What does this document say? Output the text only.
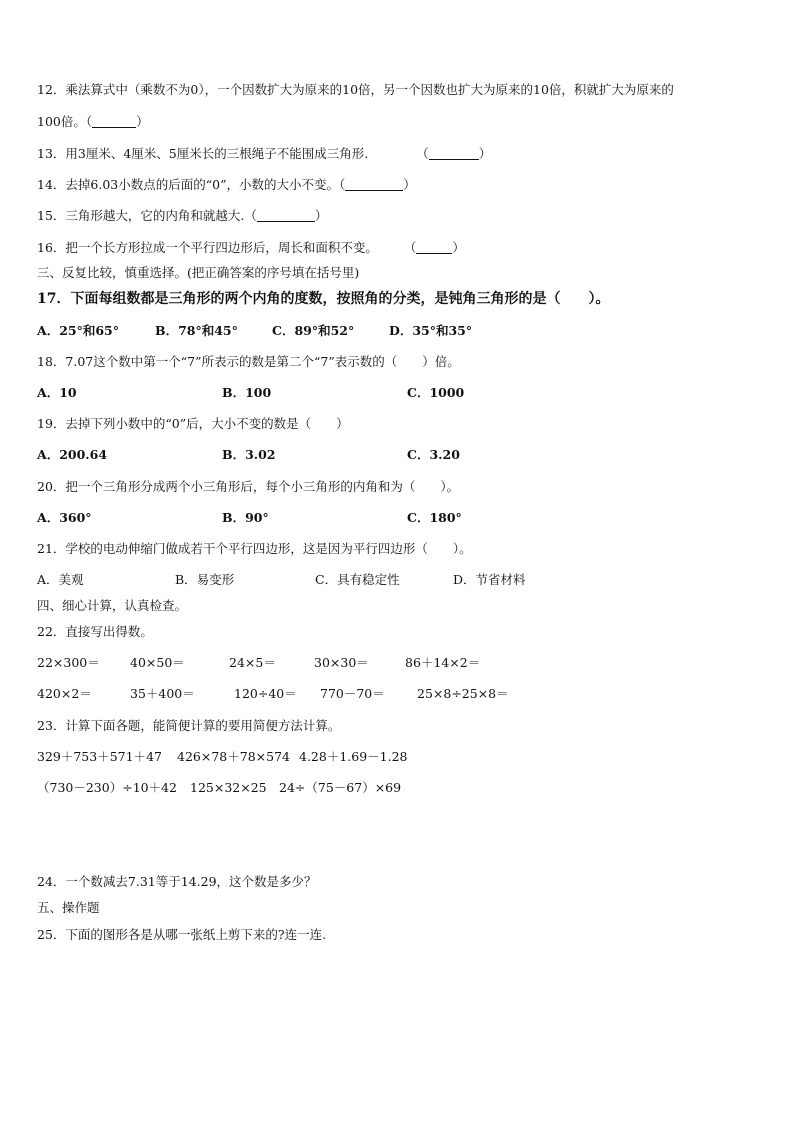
12．乘法算式中（乘数不为0），一个因数扩大为原来的10倍，另一个因数也扩大为原来的10倍，积就扩大为原来的
100倍。（	）
13．用3厘米、4厘米、5厘米长的三根绳子不能围成三角形.	（	）
14．去掉6.03小数点的后面的“0”，小数的大小不变。（	）
15．三角形越大，它的内角和就越大.（	）
16．把一个长方形拉成一个平行四边形后，周长和面积不变。 （	）
三、反复比较，慎重选择。(把正确答案的序号填在括号里)
17．下面每组数都是三角形的两个内角的度数，按照角的分类，是钝角三角形的是（　　）。
A．25°和65°	B．78°和45°	C．89°和52°	D．35°和35°
18．7.07这个数中第一个“7”所表示的数是第二个“7”表示数的（　　）倍。
A．10	B．100	C．1000
19．去掉下列小数中的“0”后，大小不变的数是（　　）
A．200.64	B．3.02	C．3.20
20．把一个三角形分成两个小三角形后，每个小三角形的内角和为（　　）。
A．360°	B．90°	C．180°
21．学校的电动伸缩门做成若干个平行四边形，这是因为平行四边形（　　）。
A．美观	B．易变形	C．具有稳定性	D．节省材料
四、细心计算，认真检查。
22．直接写出得数。
22×300＝ 40×50＝	24×5＝	30×30＝	86＋14×2＝
420×2＝	35＋400＝	120÷40＝ 770－70＝	25×8÷25×8＝
23．计算下面各题，能简便计算的要用简便方法计算。
329＋753＋571＋47 426×78＋78×574 4.28＋1.69－1.28
（730－230）÷10＋42 125×32×25 24÷（75－67）×69
24．一个数减去7.31等于14.29，这个数是多少？
五、操作题
25．下面的图形各是从哪一张纸上剪下来的?连一连.
